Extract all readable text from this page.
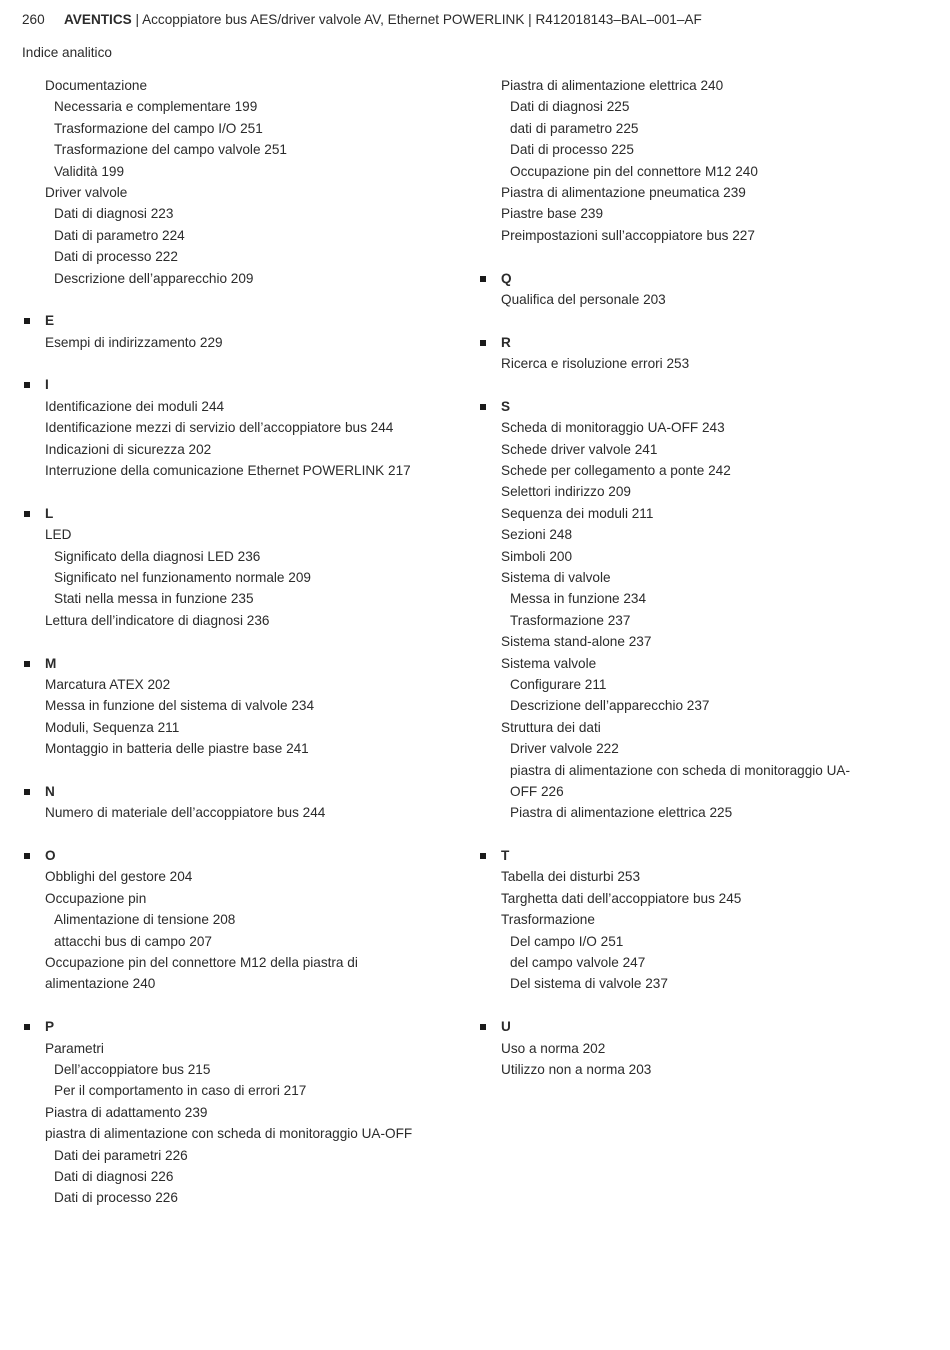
260 AVENTICS | Accoppiatore bus AES/driver valvole AV, Ethernet POWERLINK | R412018143–BAL–001–AF
Indice analitico
Documentazione
Necessaria e complementare 199
Trasformazione del campo I/O 251
Trasformazione del campo valvole 251
Validità 199
Driver valvole
Dati di diagnosi 223
Dati di parametro 224
Dati di processo 222
Descrizione dell’apparecchio 209
E
Esempi di indirizzamento 229
I
Identificazione dei moduli 244
Identificazione mezzi di servizio dell’accoppiatore bus 244
Indicazioni di sicurezza 202
Interruzione della comunicazione Ethernet POWERLINK 217
L
LED
Significato della diagnosi LED 236
Significato nel funzionamento normale 209
Stati nella messa in funzione 235
Lettura dell’indicatore di diagnosi 236
M
Marcatura ATEX 202
Messa in funzione del sistema di valvole 234
Moduli, Sequenza 211
Montaggio in batteria delle piastre base 241
N
Numero di materiale dell’accoppiatore bus 244
O
Obblighi del gestore 204
Occupazione pin
Alimentazione di tensione 208
attacchi bus di campo 207
Occupazione pin del connettore M12 della piastra di
alimentazione 240
P
Parametri
Dell’accoppiatore bus 215
Per il comportamento in caso di errori 217
Piastra di adattamento 239
piastra di alimentazione con scheda di monitoraggio UA-OFF
Dati dei parametri 226
Dati di diagnosi 226
Dati di processo 226
Piastra di alimentazione elettrica 240
Dati di diagnosi 225
dati di parametro 225
Dati di processo 225
Occupazione pin del connettore M12 240
Piastra di alimentazione pneumatica 239
Piastre base 239
Preimpostazioni sull’accoppiatore bus 227
Q
Qualifica del personale 203
R
Ricerca e risoluzione errori 253
S
Scheda di monitoraggio UA-OFF 243
Schede driver valvole 241
Schede per collegamento a ponte 242
Selettori indirizzo 209
Sequenza dei moduli 211
Sezioni 248
Simboli 200
Sistema di valvole
Messa in funzione 234
Trasformazione 237
Sistema stand-alone 237
Sistema valvole
Configurare 211
Descrizione dell’apparecchio 237
Struttura dei dati
Driver valvole 222
piastra di alimentazione con scheda di monitoraggio UA-
OFF 226
Piastra di alimentazione elettrica 225
T
Tabella dei disturbi 253
Targhetta dati dell’accoppiatore bus 245
Trasformazione
Del campo I/O 251
del campo valvole 247
Del sistema di valvole 237
U
Uso a norma 202
Utilizzo non a norma 203
